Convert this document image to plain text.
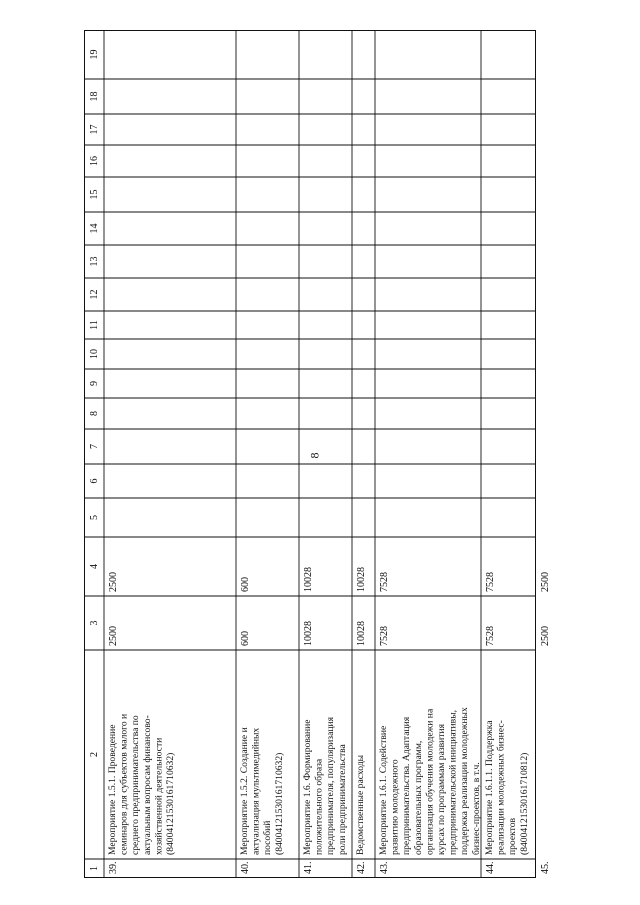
8
1
2
3
4
5
6
7
8
9
10
11
12
13
14
15
16
17
18
19
39.
Мероприятие 1.5.1. Проведение семинаров для субъектов малого и среднего предпринимательства по актуальным вопросам финансово- хозяйственной деятельности (840041215301617106З2)
2500
2500
40.
Мероприятие 1.5.2. Создание и актуализация мультимедийных пособий (84004121530161710632)
600
600
41.
Мероприятие 1.6. Формирование положительного образа предпринимателя, популяризация роли предпринимательства
10028
10028
42.
Ведомственные расходы
10028
10028
43.
Мероприятие 1.6.1. Содействие развитию молодежного предпринимательства. Адаптация образовательных программ, организация обучения молодежи на курсах по программам развития предпринимательской инициативы, поддержка реализации молодежных бизнес-проектов, в т.ч.
7528
7528
44.
Мероприятие 1.6.1.1. Поддержка реализации молодежных бизнес- проектов (84004121530161710812)
7528
7528
45.
2500
2500
